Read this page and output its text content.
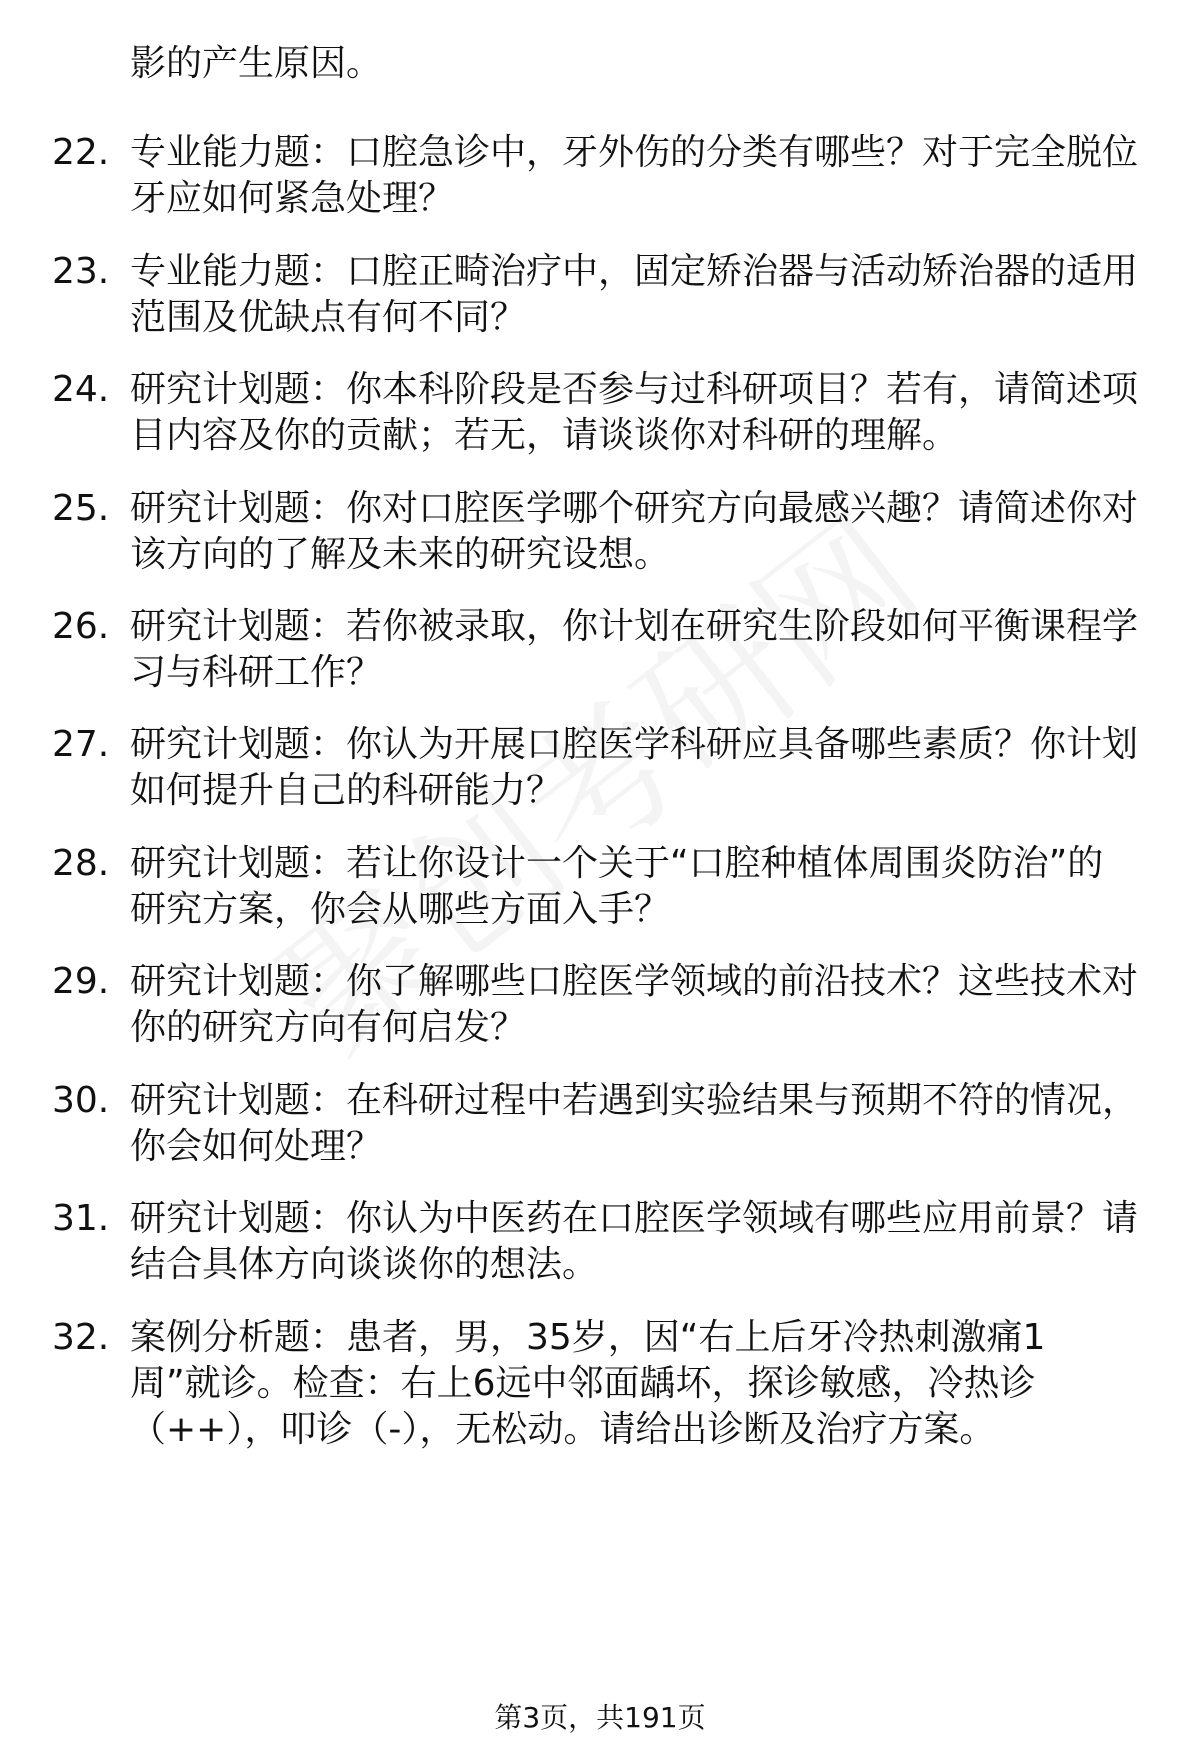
影的产生原因。
22. 专业能力题：口腔急诊中，牙外伤的分类有哪些？对于完全脱位
牙应如何紧急处理？
23. 专业能力题：口腔正畸治疗中，固定矫治器与活动矫治器的适用
范围及优缺点有何不同？
24. 研究计划题：你本科阶段是否参与过科研项目？若有，请简述项
目内容及你的贡献；若无，请谈谈你对科研的理解。
25. 研究计划题：你对口腔医学哪个研究方向最感兴趣？请简述你对
该方向的了解及未来的研究设想。
26. 研究计划题：若你被录取，你计划在研究生阶段如何平衡课程学
习与科研工作？
27. 研究计划题：你认为开展口腔医学科研应具备哪些素质？你计划
如何提升自己的科研能力？
28. 研究计划题：若让你设计一个关于“口腔种植体周围炎防治”的
研究方案，你会从哪些方面入手？
29. 研究计划题：你了解哪些口腔医学领域的前沿技术？这些技术对
你的研究方向有何启发？
30. 研究计划题：在科研过程中若遇到实验结果与预期不符的情况，
你会如何处理？
31. 研究计划题：你认为中医药在口腔医学领域有哪些应用前景？请
结合具体方向谈谈你的想法。
32. 案例分析题：患者，男，35岁，因“右上后牙冷热刺激痛1
周”就诊。检查：右上6远中邻面龋坏，探诊敏感，冷热诊
（++），叩诊（-），无松动。请给出诊断及治疗方案。
第3页，共191页
